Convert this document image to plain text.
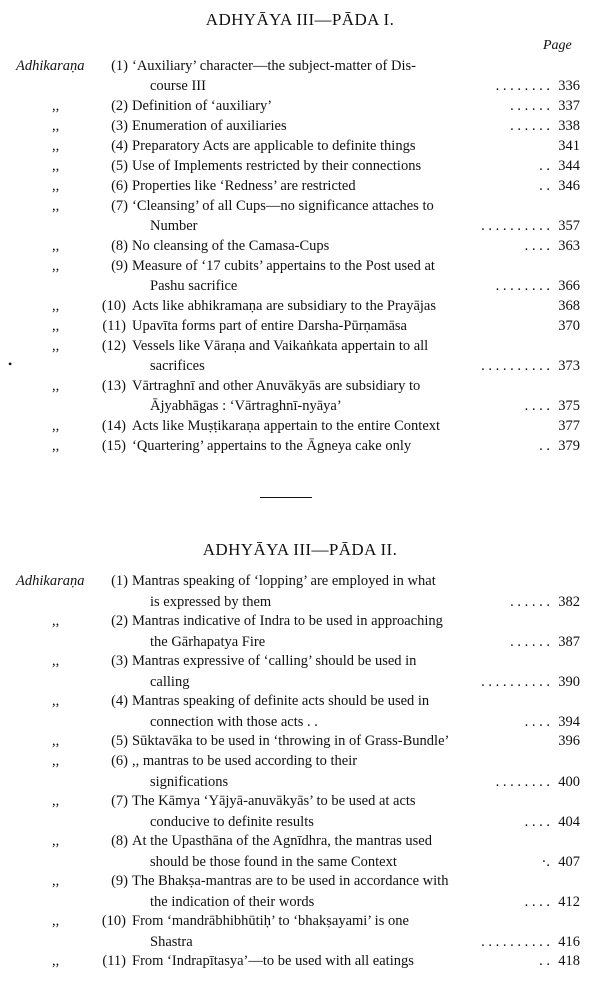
ADHYĀYA III—PĀDA I.
Page
Adhikaraṇa	(1) ‘Auxiliary’ character—the subject-matter of Dis-
course III	. . . . . . . . 336
,,	(2) Definition of ‘auxiliary’	. . . . . . 337
,,	(3) Enumeration of auxiliaries	. . . . . . 338
,,	(4) Preparatory Acts are applicable to definite things	341
,,	(5) Use of Implements restricted by their connections	. . 344
,,	(6) Properties like ‘Redness’ are restricted	. . 346
,,	(7) ‘Cleansing’ of all Cups—no significance attaches to
Number	. . . . . . . . . . 357
,,	(8) No cleansing of the Camasa-Cups	. . . . 363
,,	(9) Measure of ‘17 cubits’ appertains to the Post used at
Pashu sacrifice	. . . . . . . . 366
,,	(10) Acts like abhikramaṇa are subsidiary to the Prayājas	368
,,	(11) Upavīta forms part of entire Darsha-Pūrṇamāsa	370
,,	(12) Vessels like Vāraṇa and Vaikaṅkata appertain to all
sacrifices	. . . . . . . . . . 373
,,	(13) Vārtraghnī and other Anuvākyās are subsidiary to
Ājyabhāgas : ‘Vārtraghnī-nyāya’	. . . . 375
,,	(14) Acts like Muṣṭikaraṇa appertain to the entire Context	377
,,	(15) ‘Quartering’ appertains to the Āgneya cake only	. . 379
ADHYĀYA III—PĀDA II.
Adhikaraṇa	(1) Mantras speaking of ‘lopping’ are employed in what
is expressed by them	. . . . . . 382
,,	(2) Mantras indicative of Indra to be used in approaching
the Gārhapatya Fire	. . . . . . 387
,,	(3) Mantras expressive of ‘calling’ should be used in
calling	. . . . . . . . . . 390
,,	(4) Mantras speaking of definite acts should be used in
connection with those acts . .	. . . . 394
,,	(5) Sūktavāka to be used in ‘throwing in of Grass-Bundle’	396
,,	(6) ,, mantras to be used according to their
significations	. . . . . . . . 400
,,	(7) The Kāmya ‘Yājyā-anuvākyās’ to be used at acts
conducive to definite results	. . . . 404
,,	(8) At the Upasthāna of the Agnīdhra, the mantras used
should be those found in the same Context	·. 407
,,	(9) The Bhakṣa-mantras are to be used in accordance with
the indication of their words	. . . . 412
,,	(10) From ‘mandrābhibhūtiḥ’ to ‘bhakṣayami’ is one
Shastra	. . . . . . . . . . 416
,,	(11) From ‘Indrapītasya’—to be used with all eatings	. . 418
•
